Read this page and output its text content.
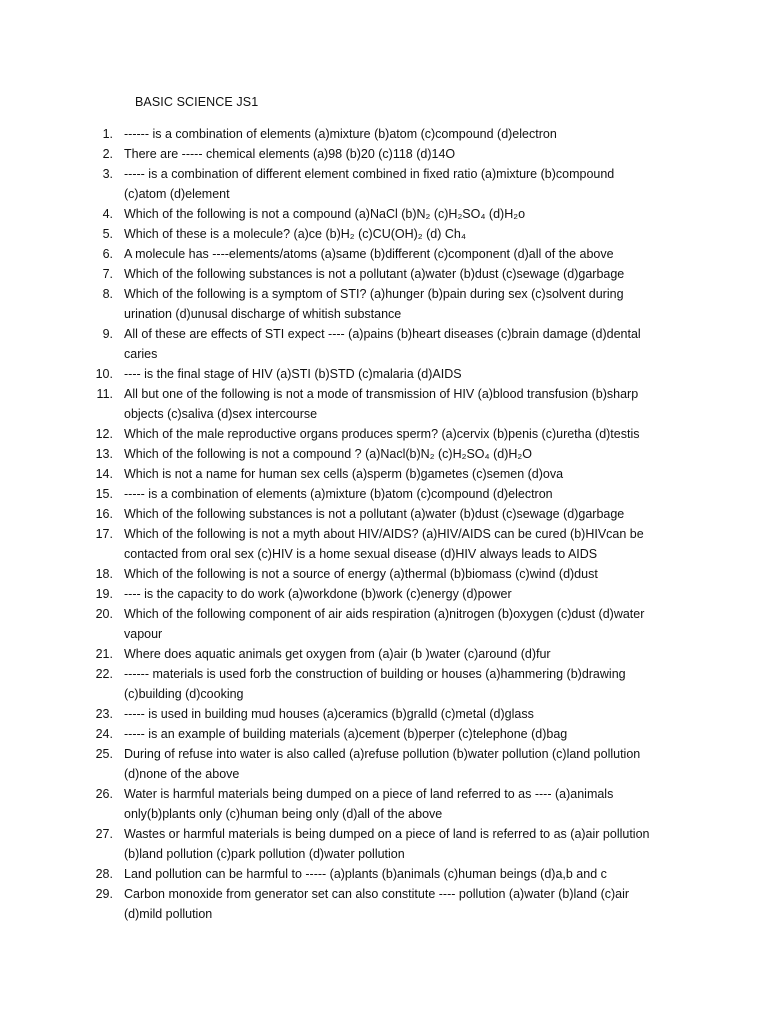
BASIC SCIENCE JS1
1. ------ is a combination of elements (a)mixture (b)atom (c)compound (d)electron
2. There are ----- chemical elements (a)98 (b)20 (c)118 (d)14O
3. ----- is a combination of different element combined in fixed ratio (a)mixture (b)compound
(c)atom (d)element
4. Which of the following is not a compound (a)NaCl (b)N₂ (c)H₂SO₄ (d)H₂o
5. Which of these is a molecule? (a)ce (b)H₂ (c)CU(OH)₂ (d) Ch₄
6. A molecule has ----elements/atoms (a)same (b)different (c)component (d)all of the above
7. Which of the following substances is not a pollutant (a)water (b)dust (c)sewage (d)garbage
8. Which of the following is a symptom of STI? (a)hunger (b)pain during sex (c)solvent during
urination (d)unusal discharge of whitish substance
9. All of these are effects of STI expect ---- (a)pains (b)heart diseases (c)brain damage (d)dental
caries
10. ---- is the final stage of HIV (a)STI (b)STD (c)malaria (d)AIDS
11. All but one of the following is not a mode of transmission of HIV (a)blood transfusion (b)sharp
objects (c)saliva (d)sex intercourse
12. Which of the male reproductive organs produces sperm? (a)cervix (b)penis (c)uretha (d)testis
13. Which of the following is not a compound ? (a)Nacl(b)N₂ (c)H₂SO₄ (d)H₂O
14. Which is not a name for human sex cells (a)sperm (b)gametes (c)semen (d)ova
15. ----- is a combination of elements (a)mixture (b)atom (c)compound (d)electron
16. Which of the following substances is not a pollutant (a)water (b)dust (c)sewage (d)garbage
17. Which of the following is not a myth about HIV/AIDS? (a)HIV/AIDS can be cured (b)HIVcan be
contacted from oral sex (c)HIV is a home sexual disease (d)HIV always leads to AIDS
18. Which of the following is not a source of energy (a)thermal (b)biomass (c)wind (d)dust
19. ---- is the capacity to do work (a)workdone (b)work (c)energy (d)power
20. Which of the following component of air aids respiration (a)nitrogen (b)oxygen (c)dust (d)water
vapour
21. Where does aquatic animals get oxygen from (a)air (b )water (c)around (d)fur
22. ------ materials is used forb the construction of building or houses (a)hammering (b)drawing
(c)building (d)cooking
23. ----- is used in building mud houses (a)ceramics (b)grall​d (c)metal (d)glass
24. ----- is an example of building materials (a)cement (b)perper (c)telephone (d)bag
25. During of refuse into water is also called (a)refuse pollution (b)water pollution (c)land pollution
(d)none of the above
26. Water is harmful materials being dumped on a piece of land referred to as ---- (a)animals
only(b)plants only (c)human being only (d)all of the above
27. Wastes or harmful materials is being dumped on a piece of land is referred to as (a)air pollution
(b)land pollution (c)park pollution (d)water pollution
28. Land pollution can be harmful to ----- (a)plants (b)animals (c)human beings (d)a,b and c
29. Carbon monoxide from generator set can also constitute ---- pollution (a)water (b)land (c)air
(d)mild pollution
